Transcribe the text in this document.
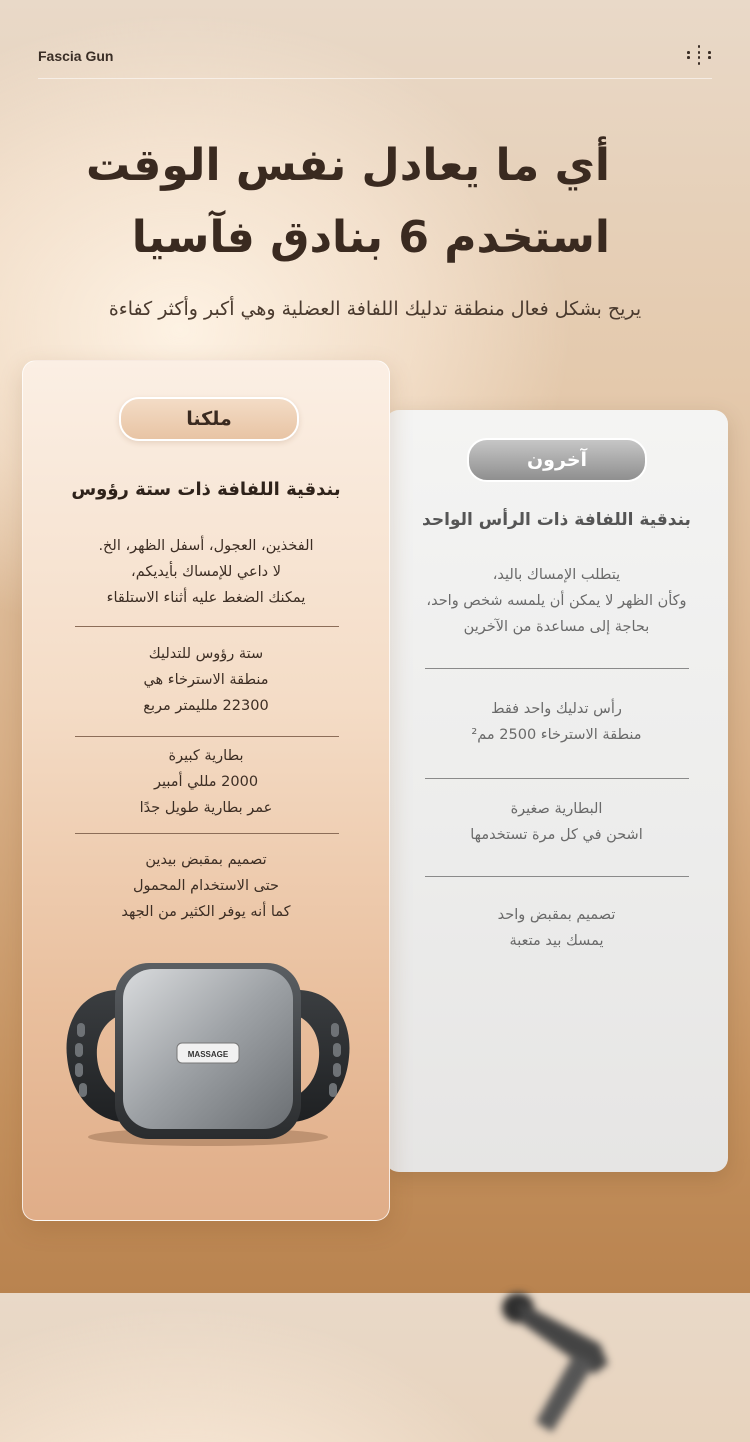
Fascia Gun
أي ما يعادل نفس الوقت
استخدم 6 بنادق فآسيا
يريح بشكل فعال منطقة تدليك اللفافة العضلية وهي أكبر وأكثر كفاءة
آخرون
بندقية اللفافة ذات الرأس الواحد
يتطلب الإمساك باليد،
وكأن الظهر لا يمكن أن يلمسه شخص واحد،
بحاجة إلى مساعدة من الآخرين
رأس تدليك واحد فقط
منطقة الاسترخاء 2500 مم²
البطارية صغيرة
اشحن في كل مرة تستخدمها
تصميم بمقبض واحد
يمسك بيد متعبة
ملكنا
بندقية اللفافة ذات ستة رؤوس
الفخذين، العجول، أسفل الظهر، الخ.
لا داعي للإمساك بأيديكم،
يمكنك الضغط عليه أثناء الاستلقاء
ستة رؤوس للتدليك
منطقة الاسترخاء هي
22300 ملليمتر مربع
بطارية كبيرة
2000 مللي أمبير
عمر بطارية طويل جدًا
تصميم بمقبض بيدين
حتى الاستخدام المحمول
كما أنه يوفر الكثير من الجهد
MASSAGE
